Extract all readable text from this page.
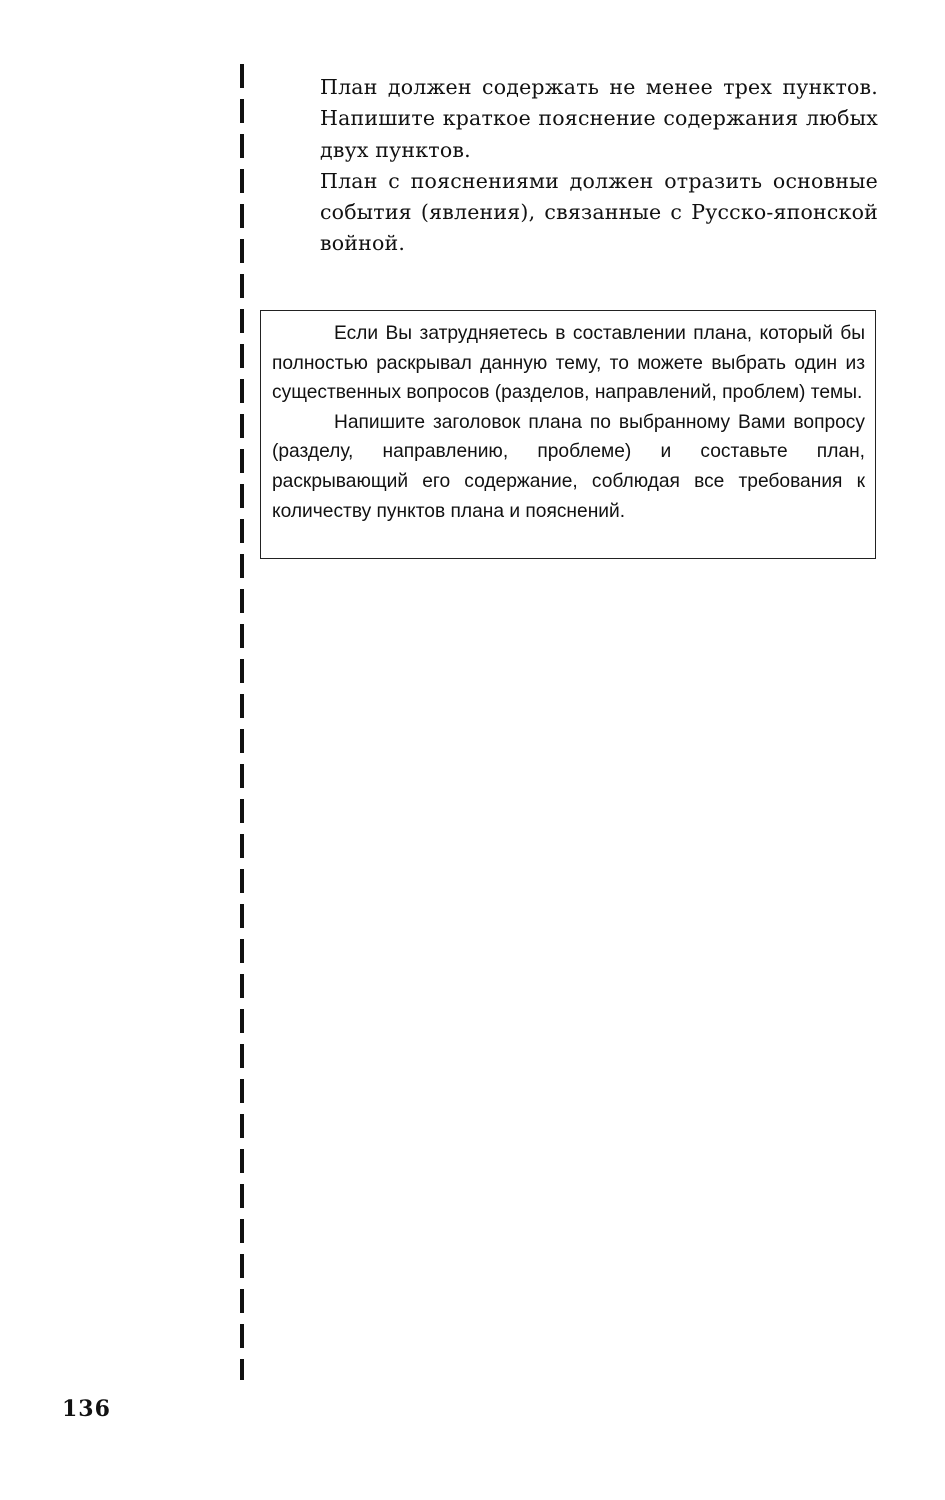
План должен содержать не менее трех пунктов. Напишите краткое пояснение содержания любых двух пунктов.

План с пояснениями должен отразить основные события (явления), связанные с Русско-японской войной.

Если Вы затрудняетесь в составлении плана, который бы полностью раскрывал данную тему, то можете выбрать один из существенных вопросов (разделов, направлений, проблем) темы.

Напишите заголовок плана по выбранному Вами вопросу (разделу, направлению, проблеме) и составьте план, раскрывающий его содержание, соблюдая все требования к количеству пунктов плана и пояснений.

136
